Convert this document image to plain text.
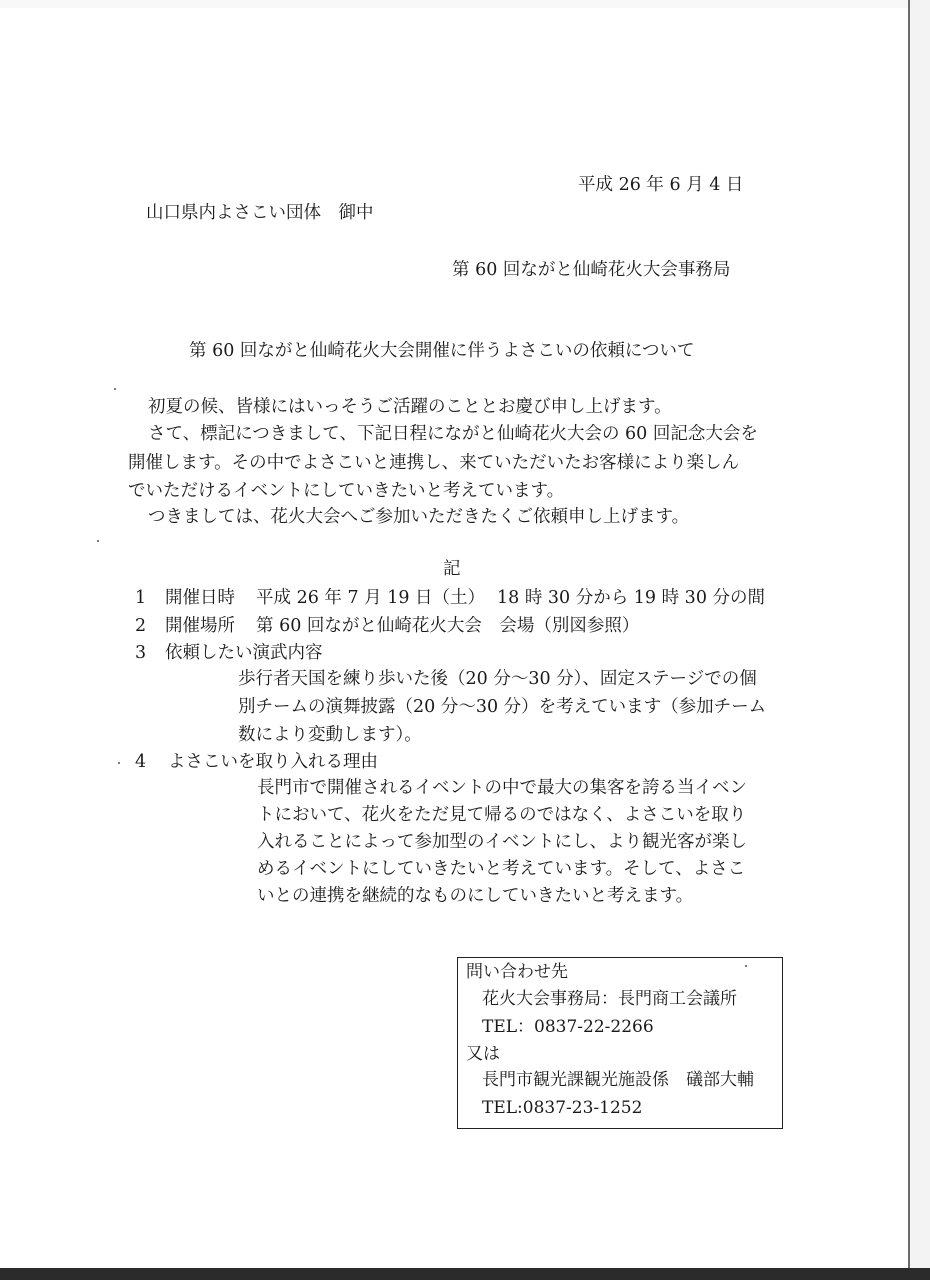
平成 26 年 6 月 4 日
山口県内よさこい団体　御中
第 60 回ながと仙崎花火大会事務局
第 60 回ながと仙崎花火大会開催に伴うよさこいの依頼について
初夏の候、皆様にはいっそうご活躍のこととお慶び申し上げます。
さて、標記につきまして、下記日程にながと仙崎花火大会の 60 回記念大会を
開催します。その中でよさこいと連携し、来ていただいたお客様により楽しん
でいただけるイベントにしていきたいと考えています。
つきましては、花火大会へご参加いただきたくご依頼申し上げます。
記
1 開催日時 平成 26 年 7 月 19 日（土） 18 時 30 分から 19 時 30 分の間
2 開催場所 第 60 回ながと仙崎花火大会　会場（別図参照）
3 依頼したい演武内容
歩行者天国を練り歩いた後（20 分～30 分）、固定ステージでの個
別チームの演舞披露（20 分～30 分）を考えています（参加チーム
数により変動します）。
4 よさこいを取り入れる理由
長門市で開催されるイベントの中で最大の集客を誇る当イベン
トにおいて、花火をただ見て帰るのではなく、よさこいを取り
入れることによって参加型のイベントにし、より観光客が楽し
めるイベントにしていきたいと考えています。そして、よさこ
いとの連携を継続的なものにしていきたいと考えます。
問い合わせ先
花火大会事務局：長門商工会議所
TEL：0837-22-2266
又は
長門市観光課観光施設係　礒部大輔
TEL:0837-23-1252
